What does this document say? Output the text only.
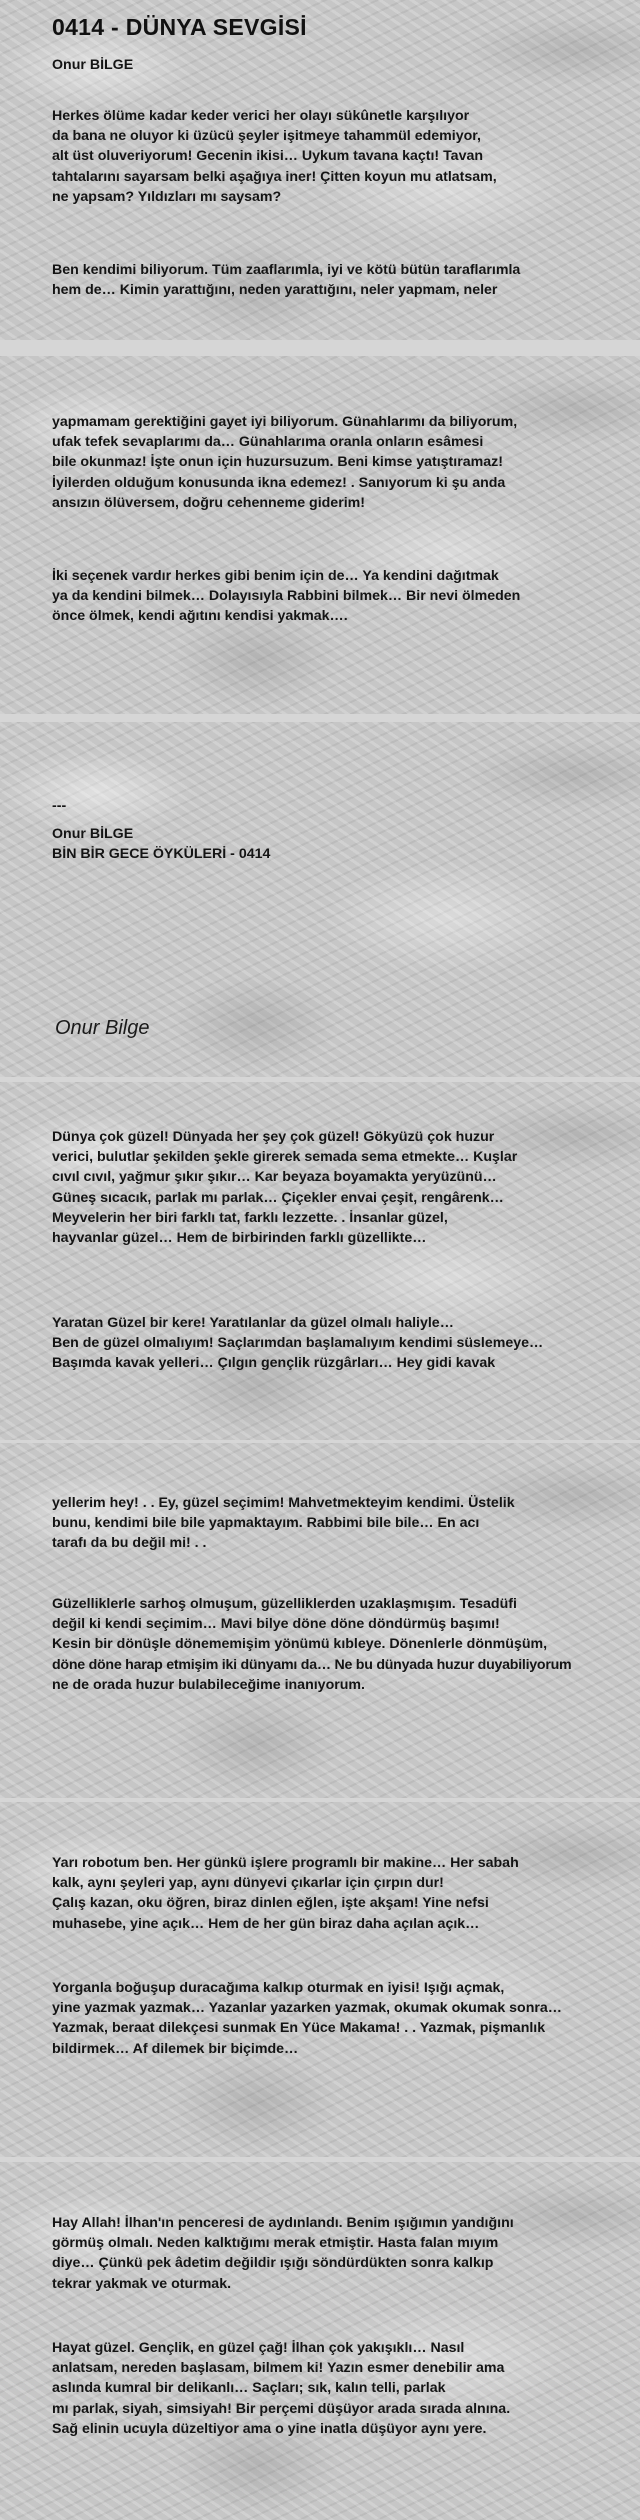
0414 - DÜNYA SEVGİSİ
Onur BİLGE
Herkes ölüme kadar keder verici her olayı sükûnetle karşılıyor
da bana ne oluyor ki üzücü şeyler işitmeye tahammül edemiyor,
alt üst oluveriyorum! Gecenin ikisi… Uykum tavana kaçtı! Tavan
tahtalarını sayarsam belki aşağıya iner! Çitten koyun mu atlatsam,
ne yapsam? Yıldızları mı saysam?
Ben kendimi biliyorum. Tüm zaaflarımla, iyi ve kötü bütün taraflarımla
hem de… Kimin yarattığını, neden yarattığını, neler yapmam, neler
yapmamam gerektiğini gayet iyi biliyorum. Günahlarımı da biliyorum,
ufak tefek sevaplarımı da… Günahlarıma oranla onların esâmesi
bile okunmaz! İşte onun için huzursuzum. Beni kimse yatıştıramaz!
İyilerden olduğum konusunda ikna edemez! . Sanıyorum ki şu anda
ansızın ölüversem, doğru cehenneme giderim!
İki seçenek vardır herkes gibi benim için de… Ya kendini dağıtmak
ya da kendini bilmek… Dolayısıyla Rabbini bilmek… Bir nevi ölmeden
önce ölmek, kendi ağıtını kendisi yakmak….
---
Onur BİLGE
BİN BİR GECE ÖYKÜLERİ - 0414
Onur Bilge
Dünya çok güzel! Dünyada her şey çok güzel! Gökyüzü çok huzur
verici, bulutlar şekilden şekle girerek semada sema etmekte… Kuşlar
cıvıl cıvıl, yağmur şıkır şıkır… Kar beyaza boyamakta yeryüzünü…
Güneş sıcacık, parlak mı parlak… Çiçekler envai çeşit, rengârenk…
Meyvelerin her biri farklı tat, farklı lezzette. . İnsanlar güzel,
hayvanlar güzel… Hem de birbirinden farklı güzellikte…
Yaratan Güzel bir kere! Yaratılanlar da güzel olmalı haliyle…
Ben de güzel olmalıyım! Saçlarımdan başlamalıyım kendimi süslemeye…
Başımda kavak yelleri… Çılgın gençlik rüzgârları… Hey gidi kavak
yellerim hey! . . Ey, güzel seçimim! Mahvetmekteyim kendimi. Üstelik
bunu, kendimi bile bile yapmaktayım. Rabbimi bile bile… En acı
tarafı da bu değil mi! . .
Güzelliklerle sarhoş olmuşum, güzelliklerden uzaklaşmışım. Tesadüfi
değil ki kendi seçimim… Mavi bilye döne döne döndürmüş başımı!
Kesin bir dönüşle dönememişim yönümü kıbleye. Dönenlerle dönmüşüm,
döne döne harap etmişim iki dünyamı da… Ne bu dünyada huzur duyabiliyorum
ne de orada huzur bulabileceğime inanıyorum.
Yarı robotum ben. Her günkü işlere programlı bir makine… Her sabah
kalk, aynı şeyleri yap, aynı dünyevi çıkarlar için çırpın dur!
Çalış kazan, oku öğren, biraz dinlen eğlen, işte akşam! Yine nefsi
muhasebe, yine açık… Hem de her gün biraz daha açılan açık…
Yorganla boğuşup duracağıma kalkıp oturmak en iyisi! Işığı açmak,
yine yazmak yazmak… Yazanlar yazarken yazmak, okumak okumak sonra…
Yazmak, beraat dilekçesi sunmak En Yüce Makama! . . Yazmak, pişmanlık
bildirmek… Af dilemek bir biçimde…
Hay Allah! İlhan'ın penceresi de aydınlandı. Benim ışığımın yandığını
görmüş olmalı. Neden kalktığımı merak etmiştir. Hasta falan mıyım
diye… Çünkü pek âdetim değildir ışığı söndürdükten sonra kalkıp
tekrar yakmak ve oturmak.
Hayat güzel. Gençlik, en güzel çağ! İlhan çok yakışıklı… Nasıl
anlatsam, nereden başlasam, bilmem ki! Yazın esmer denebilir ama
aslında kumral bir delikanlı… Saçları; sık, kalın telli, parlak
mı parlak, siyah, simsiyah! Bir perçemi düşüyor arada sırada alnına.
Sağ elinin ucuyla düzeltiyor ama o yine inatla düşüyor aynı yere.
